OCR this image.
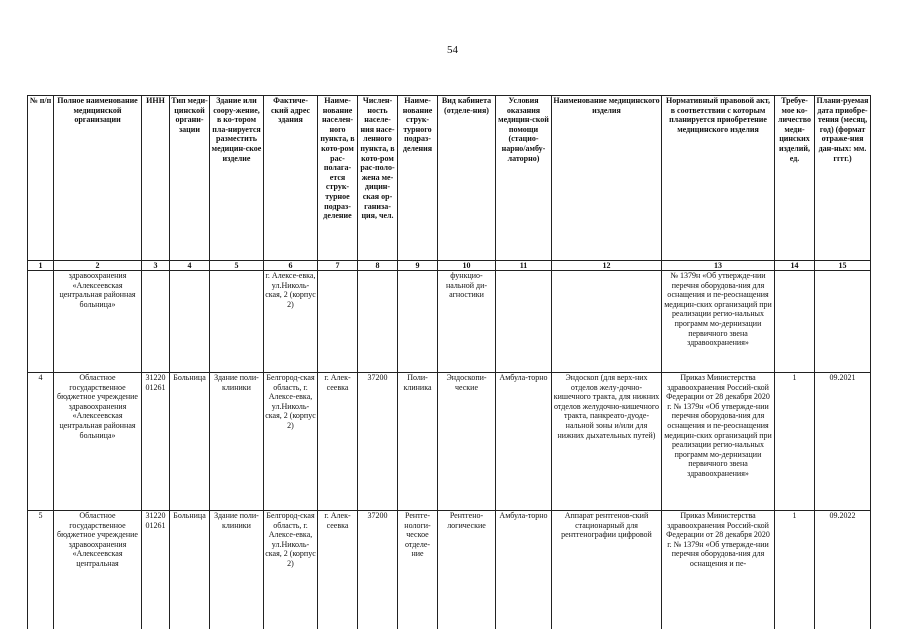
54
№ п/п	Полное наименование медицинской организации	ИНН	Тип меди-цинской органи-зации	Здание или соору-жение, в ко-тором пла-нируется разместить медицин-ское изделие	Фактиче-ский адрес здания	Наиме-нование населен-ного пункта, в кото-ром рас-полага-ется струк-турное подраз-деление	Числен-ность населе-ния насе-ленного пункта, в кото-ром рас-поло-жена ме-дицин-ская ор-ганиза-ция, чел.	Наиме-нование струк-турного подраз-деления	Вид кабинета (отделе-ния)	Условия оказания медицин-ской помощи (стацио-нарно/амбу-латорно)	Наименование медицинского изделия	Нормативный правовой акт, в соответствии с которым планируется приобретение медицинского изделия	Требуе-мое ко-личество меди-цинских изделий, ед.	Плани-руемая дата приобре-тения (месяц, год) (формат отраже-ния дан-ных: мм. гггг.)
1	2	3	4	5	6	7	8	9	10	11	12	13	14	15
	здравоохранения «Алексеевская центральная районная больница»				г. Алексе-евка, ул.Николь-ская, 2 (корпус 2)				функцио-нальной ди-агностики			№ 1379н «Об утвержде-нии перечня оборудова-ния для оснащения и пе-реоснащения медицин-ских организаций при реализации регио-нальных программ мо-дернизации первичного звена здравоохранения»		
4	Областное государственное бюджетное учреждение здравоохранения «Алексеевская центральная районная больница»	31220 01261	Больница	Здание поли-клиники	Белгород-ская область, г. Алексе-евка, ул.Николь-ская, 2 (корпус 2)	г. Алек-сеевка	37200	Поли-клиника	Эндоскопи-ческие	Амбула-торно	Эндоскоп (для верх-них отделов желу-дочно- кишечного тракта, для нижних отделов желудочно-кишечного тракта, панкреато-дуоде-нальной зоны и/или для нижних дыхательных путей)	Приказ Министерства здравоохранения Россий-ской Федерации от 28 декабря 2020 г. № 1379н «Об утвержде-нии перечня оборудова-ния для оснащения и пе-реоснащения медицин-ских организаций при реализации регио-нальных программ мо-дернизации первичного звена здравоохранения»	1	09.2021
5	Областное государственное бюджетное учреждение здравоохранения «Алексеевская центральная	31220 01261	Больница	Здание поли-клиники	Белгород-ская область, г. Алексе-евка, ул.Николь-ская, 2 (корпус 2)	г. Алек-сеевка	37200	Рентге-нологи-ческое отделе-ние	Рентгено-логические	Амбула-торно	Аппарат рентгенов-ский стационарный для рентгенографии цифровой	Приказ Министерства здравоохранения Россий-ской Федерации от 28 декабря 2020 г. № 1379н «Об утвержде-нии перечня оборудова-ния для оснащения и пе-	1	09.2022
